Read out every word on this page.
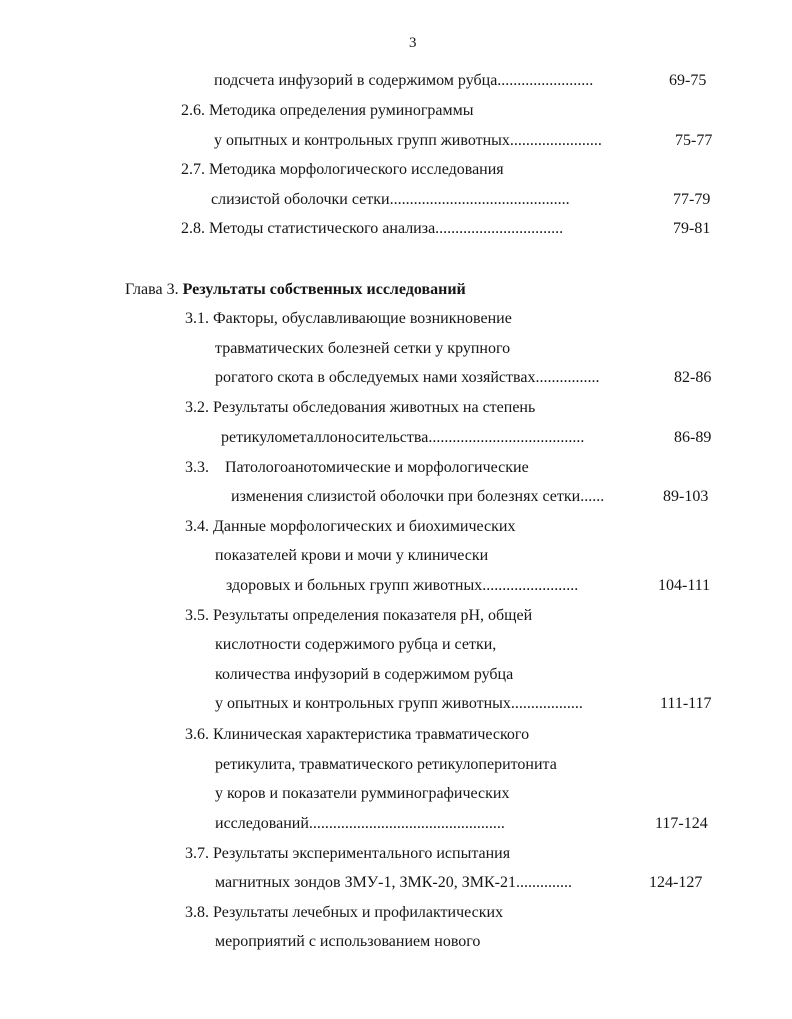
3
подсчета инфузорий в содержимом рубца........................	69-75
2.6. Методика определения руминограммы
у опытных и контрольных групп животных.......................	75-77
2.7. Методика морфологического исследования
слизистой оболочки сетки.............................................	77-79
2.8. Методы статистического анализа................................	79-81
Глава 3. Результаты собственных исследований
3.1. Факторы, обуславливающие возникновение
травматических болезней сетки у крупного
рогатого скота в обследуемых нами хозяйствах................	82-86
3.2. Результаты обследования животных на степень
ретикулометаллоносительства.......................................	86-89
3.3. Патологоанотомические и морфологические
изменения слизистой оболочки при болезнях сетки......	89-103
3.4. Данные морфологических и биохимических
показателей крови и мочи у клинически
здоровых и больных групп животных........................	104-111
3.5. Результаты определения показателя рН, общей
кислотности содержимого рубца и сетки,
количества инфузорий в содержимом рубца
у опытных и контрольных групп животных..................	111-117
3.6. Клиническая характеристика травматического
ретикулита, травматического ретикулоперитонита
у коров и показатели румминографических
исследований.................................................	117-124
3.7. Результаты экспериментального испытания
магнитных зондов ЗМУ-1, ЗМК-20, ЗМК-21..............	124-127
3.8. Результаты лечебных и профилактических
мероприятий с использованием нового
